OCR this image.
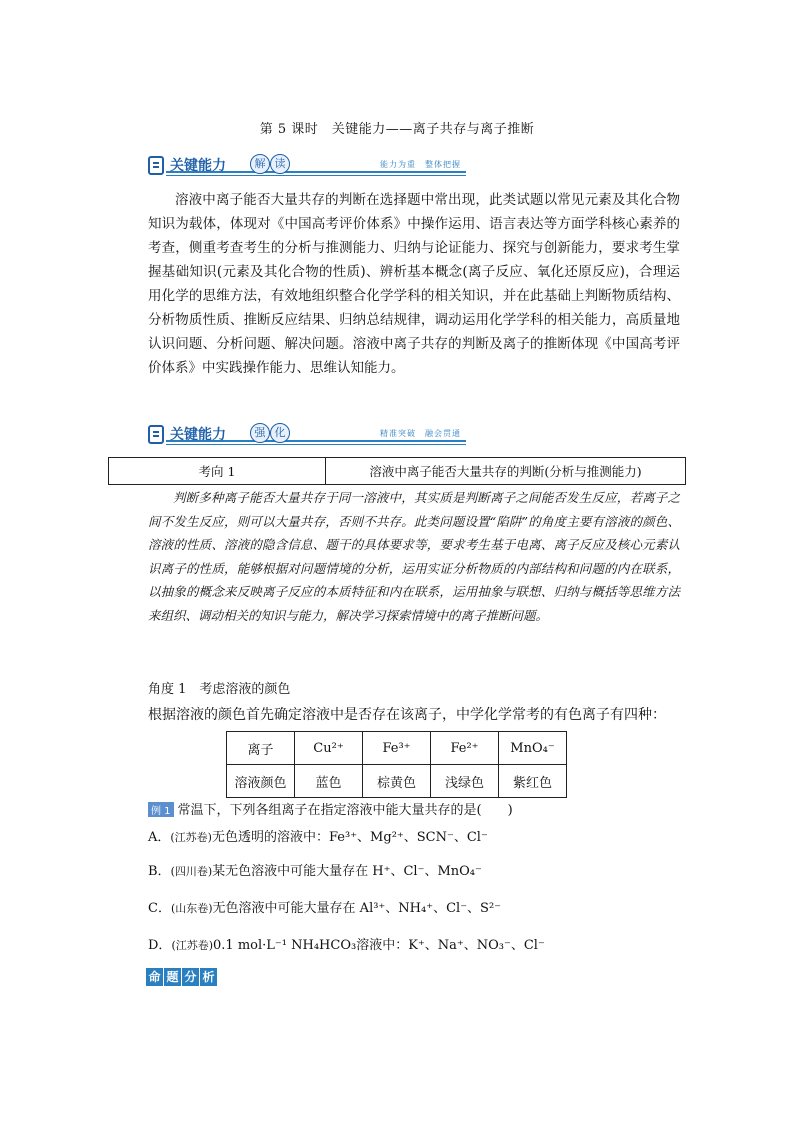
第 5 课时　关键能力——离子共存与离子推断
关键能力	解 读	能力为重　整体把握
溶液中离子能否大量共存的判断在选择题中常出现，此类试题以常见元素及其化合物知识为载体，体现对《中国高考评价体系》中操作运用、语言表达等方面学科核心素养的考查，侧重考查考生的分析与推测能力、归纳与论证能力、探究与创新能力，要求考生掌握基础知识(元素及其化合物的性质)、辨析基本概念(离子反应、氧化还原反应)，合理运用化学的思维方法，有效地组织整合化学学科的相关知识，并在此基础上判断物质结构、分析物质性质、推断反应结果、归纳总结规律，调动运用化学学科的相关能力，高质量地认识问题、分析问题、解决问题。溶液中离子共存的判断及离子的推断体现《中国高考评价体系》中实践操作能力、思维认知能力。
关键能力	强 化	精准突破　融会贯通
考向 1	溶液中离子能否大量共存的判断(分析与推测能力)
判断多种离子能否大量共存于同一溶液中，其实质是判断离子之间能否发生反应，若离子之间不发生反应，则可以大量共存，否则不共存。此类问题设置“陷阱”的角度主要有溶液的颜色、溶液的性质、溶液的隐含信息、题干的具体要求等，要求考生基于电离、离子反应及核心元素认识离子的性质，能够根据对问题情境的分析，运用实证分析物质的内部结构和问题的内在联系，以抽象的概念来反映离子反应的本质特征和内在联系，运用抽象与联想、归纳与概括等思维方法来组织、调动相关的知识与能力，解决学习探索情境中的离子推断问题。
角度 1　考虑溶液的颜色
根据溶液的颜色首先确定溶液中是否存在该离子，中学化学常考的有色离子有四种：
离子	Cu²⁺	Fe³⁺	Fe²⁺	MnO₄⁻
溶液颜色	蓝色	棕黄色	浅绿色	紫红色
例 1 常温下，下列各组离子在指定溶液中能大量共存的是(　　)
A．(江苏卷)无色透明的溶液中：Fe³⁺、Mg²⁺、SCN⁻、Cl⁻
B．(四川卷)某无色溶液中可能大量存在 H⁺、Cl⁻、MnO₄⁻
C．(山东卷)无色溶液中可能大量存在 Al³⁺、NH₄⁺、Cl⁻、S²⁻
D．(江苏卷)0.1 mol·L⁻¹ NH₄HCO₃溶液中：K⁺、Na⁺、NO₃⁻、Cl⁻
命 题 分 析
